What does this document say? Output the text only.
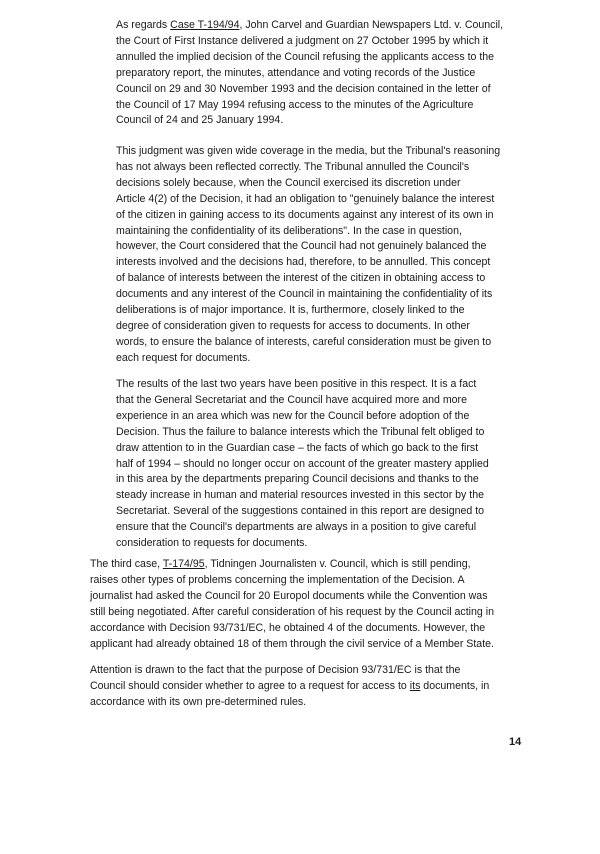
As regards Case T-194/94, John Carvel and Guardian Newspapers Ltd. v. Council,
the Court of First Instance delivered a judgment on 27 October 1995 by which it
annulled the implied decision of the Council refusing the applicants access to the
preparatory report, the minutes, attendance and voting records of the Justice
Council on 29 and 30 November 1993 and the decision contained in the letter of
the Council of 17 May 1994 refusing access to the minutes of the Agriculture
Council of 24 and 25 January 1994.
This judgment was given wide coverage in the media, but the Tribunal's reasoning
has not always been reflected correctly. The Tribunal annulled the Council's
decisions solely because, when the Council exercised its discretion under
Article 4(2) of the Decision, it had an obligation to "genuinely balance the interest
of the citizen in gaining access to its documents against any interest of its own in
maintaining the confidentiality of its deliberations". In the case in question,
however, the Court considered that the Council had not genuinely balanced the
interests involved and the decisions had, therefore, to be annulled. This concept
of balance of interests between the interest of the citizen in obtaining access to
documents and any interest of the Council in maintaining the confidentiality of its
deliberations is of major importance. It is, furthermore, closely linked to the
degree of consideration given to requests for access to documents. In other
words, to ensure the balance of interests, careful consideration must be given to
each request for documents.
The results of the last two years have been positive in this respect. It is a fact
that the General Secretariat and the Council have acquired more and more
experience in an area which was new for the Council before adoption of the
Decision. Thus the failure to balance interests which the Tribunal felt obliged to
draw attention to in the Guardian case – the facts of which go back to the first
half of 1994 – should no longer occur on account of the greater mastery applied
in this area by the departments preparing Council decisions and thanks to the
steady increase in human and material resources invested in this sector by the
Secretariat. Several of the suggestions contained in this report are designed to
ensure that the Council's departments are always in a position to give careful
consideration to requests for documents.
The third case, T-174/95, Tidningen Journalisten v. Council, which is still pending,
raises other types of problems concerning the implementation of the Decision. A
journalist had asked the Council for 20 Europol documents while the Convention was
still being negotiated. After careful consideration of his request by the Council acting in
accordance with Decision 93/731/EC, he obtained 4 of the documents. However, the
applicant had already obtained 18 of them through the civil service of a Member State.
Attention is drawn to the fact that the purpose of Decision 93/731/EC is that the
Council should consider whether to agree to a request for access to its documents, in
accordance with its own pre-determined rules.
14
